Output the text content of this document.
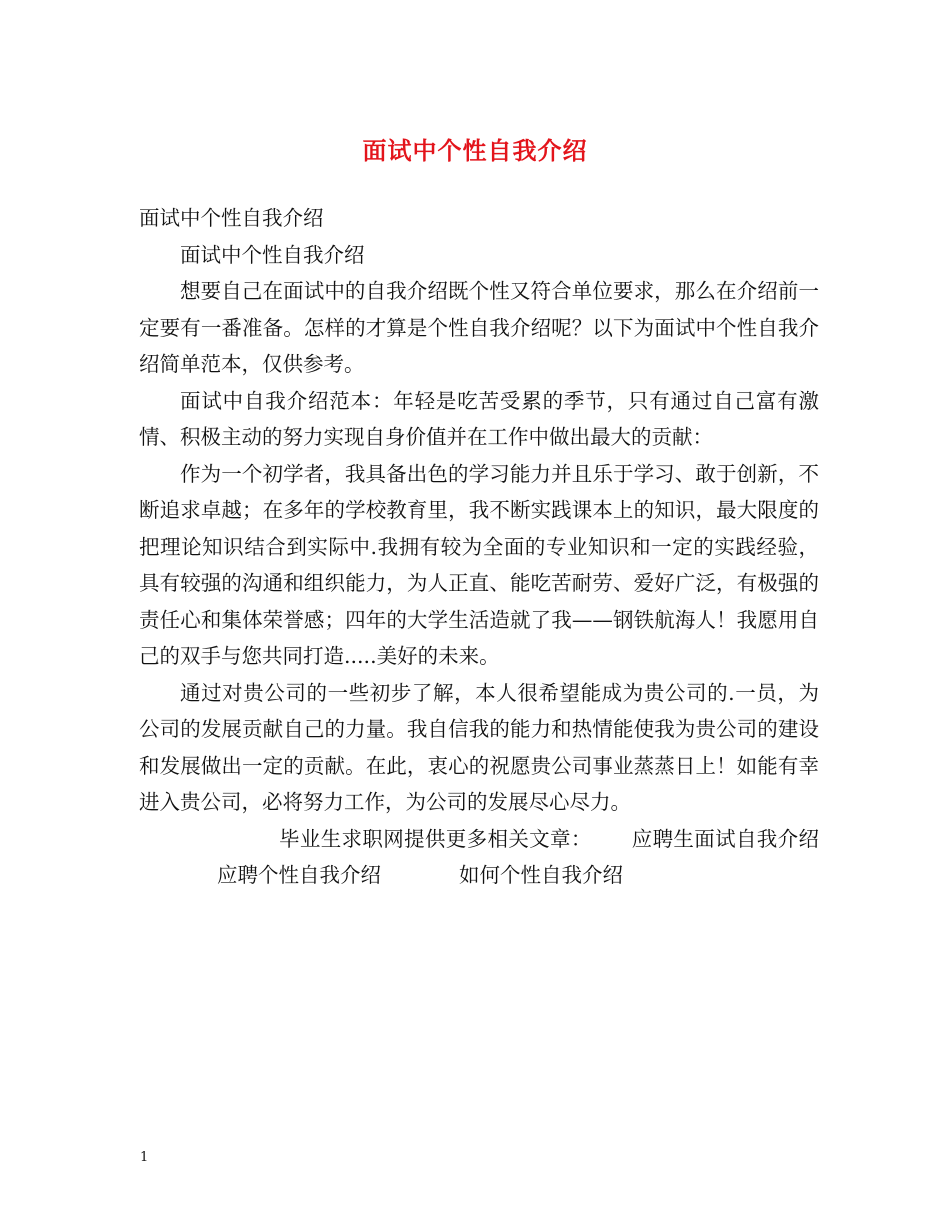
面试中个性自我介绍

面试中个性自我介绍

面试中个性自我介绍

想要自己在面试中的自我介绍既个性又符合单位要求，那么在介绍前一定要有一番准备。怎样的才算是个性自我介绍呢？以下为面试中个性自我介绍简单范本，仅供参考。

面试中自我介绍范本：年轻是吃苦受累的季节，只有通过自己富有激情、积极主动的努力实现自身价值并在工作中做出最大的贡献：

作为一个初学者，我具备出色的学习能力并且乐于学习、敢于创新，不断追求卓越；在多年的学校教育里，我不断实践课本上的知识，最大限度的把理论知识结合到实际中.我拥有较为全面的专业知识和一定的实践经验，具有较强的沟通和组织能力，为人正直、能吃苦耐劳、爱好广泛，有极强的责任心和集体荣誉感；四年的大学生活造就了我——钢铁航海人！我愿用自己的双手与您共同打造.....美好的未来。

通过对贵公司的一些初步了解，本人很希望能成为贵公司的.一员，为公司的发展贡献自己的力量。我自信我的能力和热情能使我为贵公司的建设和发展做出一定的贡献。在此，衷心的祝愿贵公司事业蒸蒸日上！如能有幸进入贵公司，必将努力工作，为公司的发展尽心尽力。

毕业生求职网提供更多相关文章： 应聘生面试自我介绍应聘个性自我介绍	如何个性自我介绍

1
